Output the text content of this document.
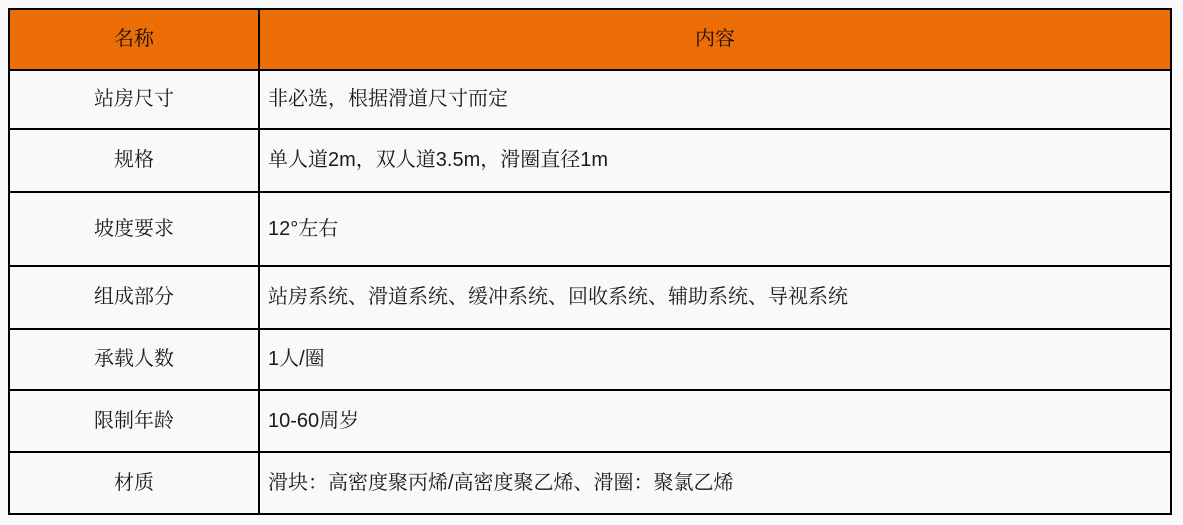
名称	内容
站房尺寸	非必选，根据滑道尺寸而定
规格	单人道2m，双人道3.5m，滑圈直径1m
坡度要求	12°左右
组成部分	站房系统、滑道系统、缓冲系统、回收系统、辅助系统、导视系统
承载人数	1人/圈
限制年龄	10-60周岁
材质	滑块：高密度聚丙烯/高密度聚乙烯、滑圈：聚氯乙烯
